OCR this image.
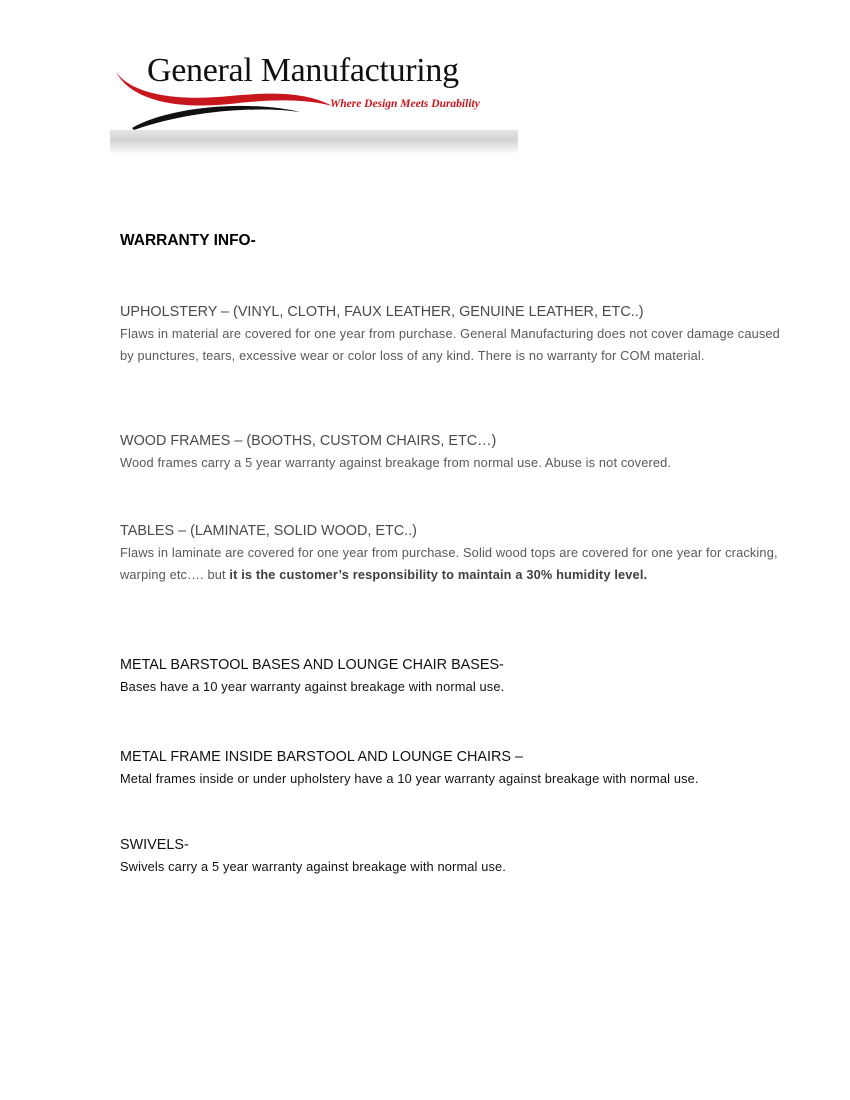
General Manufacturing
Where Design Meets Durability
WARRANTY INFO-
UPHOLSTERY – (VINYL, CLOTH, FAUX LEATHER, GENUINE LEATHER, ETC..)

Flaws in material are covered for one year from purchase. General Manufacturing does not cover damage caused by punctures, tears, excessive wear or color loss of any kind. There is no warranty for COM material.

WOOD FRAMES – (BOOTHS, CUSTOM CHAIRS, ETC…)

Wood frames carry a 5 year warranty against breakage from normal use. Abuse is not covered.

TABLES – (LAMINATE, SOLID WOOD, ETC..)

Flaws in laminate are covered for one year from purchase. Solid wood tops are covered for one year for cracking, warping etc…. but it is the customer’s responsibility to maintain a 30% humidity level.

METAL BARSTOOL BASES AND LOUNGE CHAIR BASES-

Bases have a 10 year warranty against breakage with normal use.

METAL FRAME INSIDE BARSTOOL AND LOUNGE CHAIRS –

Metal frames inside or under upholstery have a 10 year warranty against breakage with normal use.

SWIVELS-

Swivels carry a 5 year warranty against breakage with normal use.
